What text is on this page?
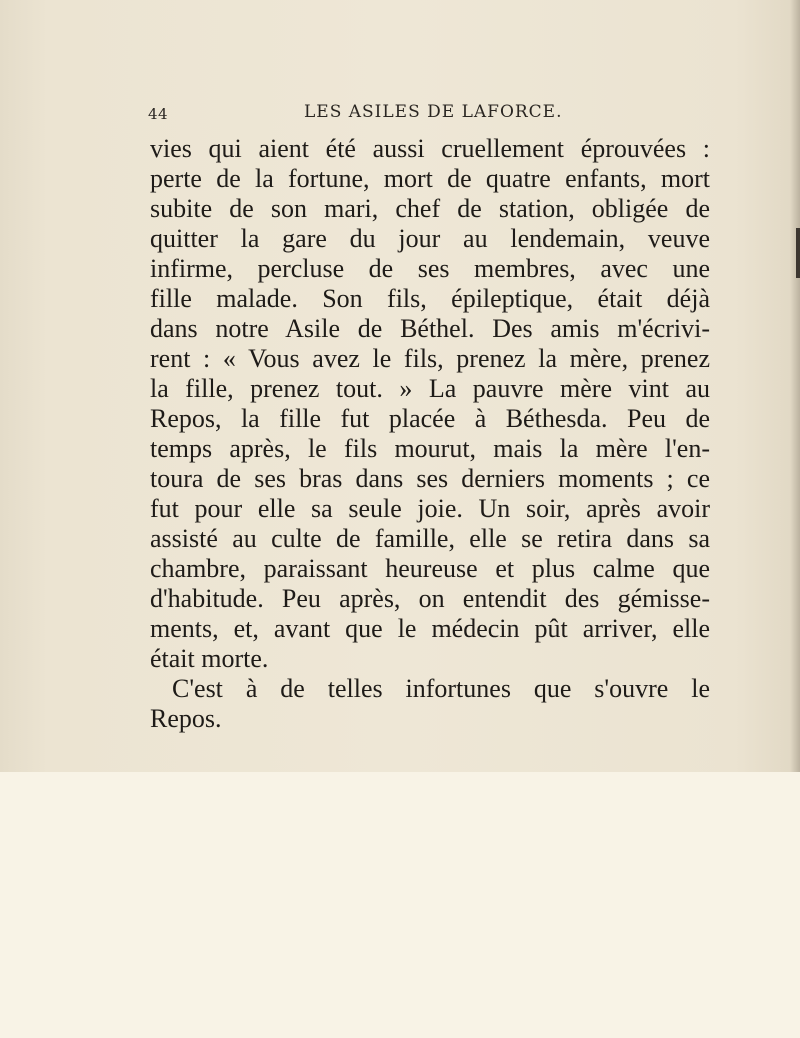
44	LES ASILES DE LAFORCE.
vies qui aient été aussi cruellement éprouvées :
perte de la fortune, mort de quatre enfants, mort
subite de son mari, chef de station, obligée de
quitter la gare du jour au lendemain, veuve
infirme, percluse de ses membres, avec une
fille malade. Son fils, épileptique, était déjà
dans notre Asile de Béthel. Des amis m'écrivi-
rent : « Vous avez le fils, prenez la mère, prenez
la fille, prenez tout. » La pauvre mère vint au
Repos, la fille fut placée à Béthesda. Peu de
temps après, le fils mourut, mais la mère l'en-
toura de ses bras dans ses derniers moments ; ce
fut pour elle sa seule joie. Un soir, après avoir
assisté au culte de famille, elle se retira dans sa
chambre, paraissant heureuse et plus calme que
d'habitude. Peu après, on entendit des gémisse-
ments, et, avant que le médecin pût arriver, elle
était morte.
C'est à de telles infortunes que s'ouvre le
Repos.
